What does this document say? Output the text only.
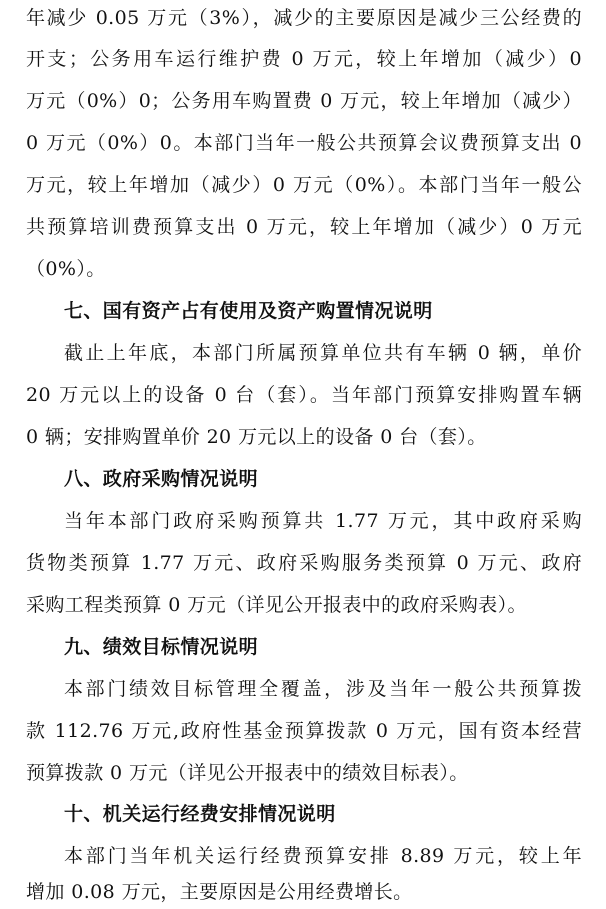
年减少 0.05 万元（3%），减少的主要原因是减少三公经费的
开支；公务用车运行维护费 0 万元，较上年增加（减少）0
万元（0%）0；公务用车购置费 0 万元，较上年增加（减少）
0 万元（0%）0。本部门当年一般公共预算会议费预算支出 0
万元，较上年增加（减少）0 万元（0%）。本部门当年一般公
共预算培训费预算支出 0 万元，较上年增加（减少）0 万元
（0%）。
七、国有资产占有使用及资产购置情况说明
截止上年底，本部门所属预算单位共有车辆 0 辆，单价
20 万元以上的设备 0 台（套）。当年部门预算安排购置车辆
0 辆；安排购置单价 20 万元以上的设备 0 台（套）。
八、政府采购情况说明
当年本部门政府采购预算共 1.77 万元，其中政府采购
货物类预算 1.77 万元、政府采购服务类预算 0 万元、政府
采购工程类预算 0 万元（详见公开报表中的政府采购表）。
九、绩效目标情况说明
本部门绩效目标管理全覆盖，涉及当年一般公共预算拨
款 112.76 万元,政府性基金预算拨款 0 万元，国有资本经营
预算拨款 0 万元（详见公开报表中的绩效目标表）。
十、机关运行经费安排情况说明
本部门当年机关运行经费预算安排 8.89 万元，较上年
增加 0.08 万元，主要原因是公用经费增长。
